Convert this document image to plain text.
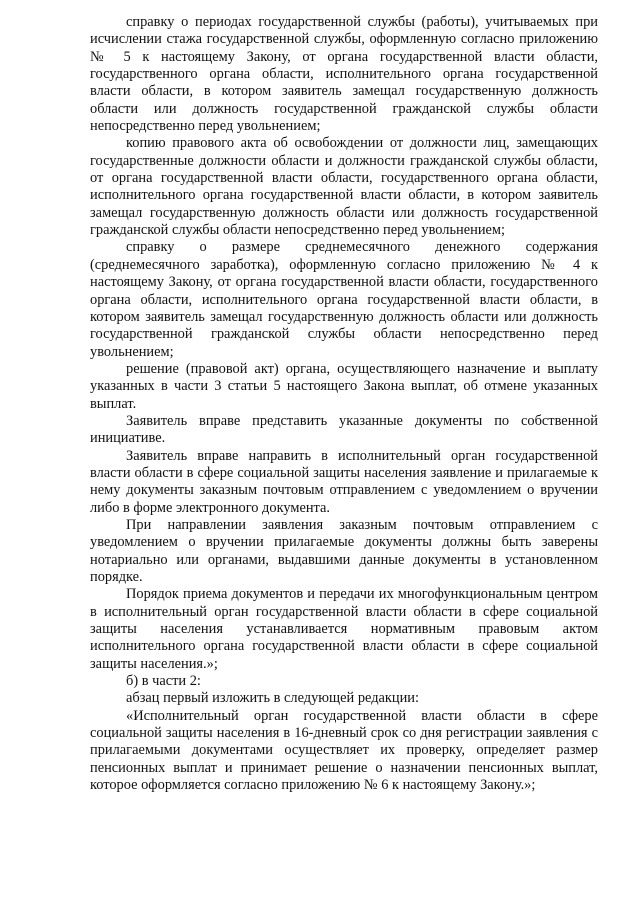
справку о периодах государственной службы (работы), учитываемых при исчислении стажа государственной службы, оформленную согласно приложению № 5 к настоящему Закону, от органа государственной власти области, государственного органа области, исполнительного органа государственной власти области, в котором заявитель замещал государственную должность области или должность государственной гражданской службы области непосредственно перед увольнением;

копию правового акта об освобождении от должности лиц, замещающих государственные должности области и должности гражданской службы области, от органа государственной власти области, государственного органа области, исполнительного органа государственной власти области, в котором заявитель замещал государственную должность области или должность государственной гражданской службы области непосредственно перед увольнением;

справку о размере среднемесячного денежного содержания (среднемесячного заработка), оформленную согласно приложению № 4 к настоящему Закону, от органа государственной власти области, государственного органа области, исполнительного органа государственной власти области, в котором заявитель замещал государственную должность области или должность государственной гражданской службы области непосредственно перед увольнением;

решение (правовой акт) органа, осуществляющего назначение и выплату указанных в части 3 статьи 5 настоящего Закона выплат, об отмене указанных выплат.

Заявитель вправе представить указанные документы по собственной инициативе.

Заявитель вправе направить в исполнительный орган государственной власти области в сфере социальной защиты населения заявление и прилагаемые к нему документы заказным почтовым отправлением с уведомлением о вручении либо в форме электронного документа.

При направлении заявления заказным почтовым отправлением с уведомлением о вручении прилагаемые документы должны быть заверены нотариально или органами, выдавшими данные документы в установленном порядке.

Порядок приема документов и передачи их многофункциональным центром в исполнительный орган государственной власти области в сфере социальной защиты населения устанавливается нормативным правовым актом исполнительного органа государственной власти области в сфере социальной защиты населения.»;

б) в части 2:

абзац первый изложить в следующей редакции:

«Исполнительный орган государственной власти области в сфере социальной защиты населения в 16-дневный срок со дня регистрации заявления с прилагаемыми документами осуществляет их проверку, определяет размер пенсионных выплат и принимает решение о назначении пенсионных выплат, которое оформляется согласно приложению № 6 к настоящему Закону.»;
